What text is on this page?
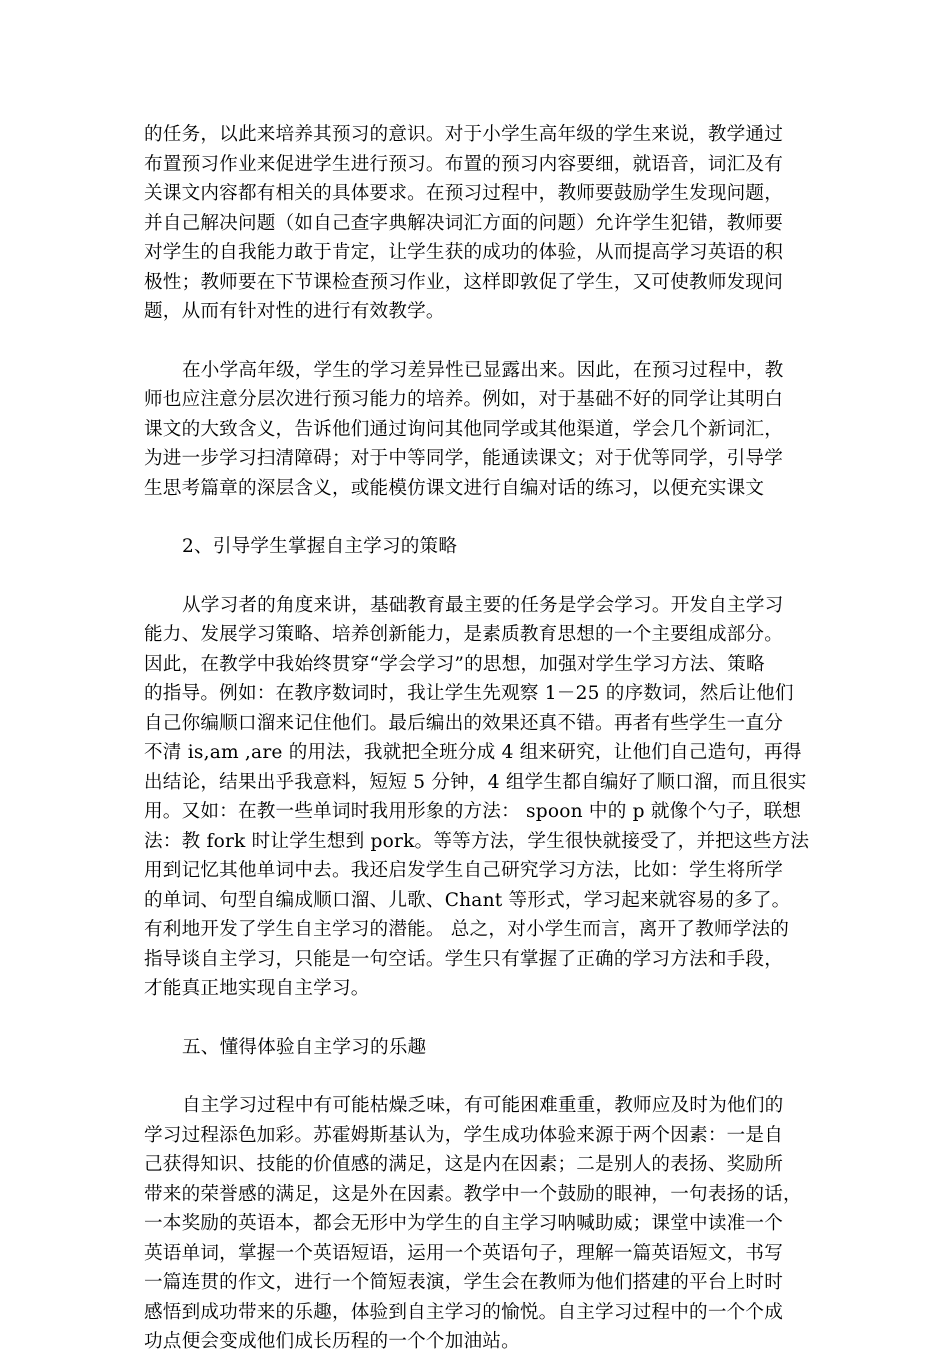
的任务，以此来培养其预习的意识。对于小学生高年级的学生来说，教学通过
布置预习作业来促进学生进行预习。布置的预习内容要细，就语音，词汇及有
关课文内容都有相关的具体要求。在预习过程中，教师要鼓励学生发现问题，
并自己解决问题（如自己查字典解决词汇方面的问题）允许学生犯错，教师要
对学生的自我能力敢于肯定，让学生获的成功的体验，从而提高学习英语的积
极性；教师要在下节课检查预习作业，这样即敦促了学生，又可使教师发现问
题，从而有针对性的进行有效教学。
在小学高年级，学生的学习差异性已显露出来。因此，在预习过程中，教
师也应注意分层次进行预习能力的培养。例如，对于基础不好的同学让其明白
课文的大致含义，告诉他们通过询问其他同学或其他渠道，学会几个新词汇，
为进一步学习扫清障碍；对于中等同学，能通读课文；对于优等同学，引导学
生思考篇章的深层含义，或能模仿课文进行自编对话的练习，以便充实课文
2、引导学生掌握自主学习的策略
从学习者的角度来讲，基础教育最主要的任务是学会学习。开发自主学习
能力、发展学习策略、培养创新能力，是素质教育思想的一个主要组成部分。
因此，在教学中我始终贯穿“学会学习”的思想，加强对学生学习方法、策略
的指导。例如：在教序数词时，我让学生先观察 1－25 的序数词，然后让他们
自己你编顺口溜来记住他们。最后编出的效果还真不错。再者有些学生一直分
不清 is,am ,are 的用法，我就把全班分成 4 组来研究，让他们自己造句，再得
出结论，结果出乎我意料，短短 5 分钟，4 组学生都自编好了顺口溜，而且很实
用。又如：在教一些单词时我用形象的方法： spoon 中的 p 就像个勺子，联想
法：教 fork 时让学生想到 pork。等等方法，学生很快就接受了，并把这些方法
用到记忆其他单词中去。我还启发学生自己研究学习方法，比如：学生将所学
的单词、句型自编成顺口溜、儿歌、Chant 等形式，学习起来就容易的多了。
有利地开发了学生自主学习的潜能。 总之，对小学生而言，离开了教师学法的
指导谈自主学习，只能是一句空话。学生只有掌握了正确的学习方法和手段，
才能真正地实现自主学习。
五、懂得体验自主学习的乐趣
自主学习过程中有可能枯燥乏味，有可能困难重重，教师应及时为他们的
学习过程添色加彩。苏霍姆斯基认为，学生成功体验来源于两个因素：一是自
己获得知识、技能的价值感的满足，这是内在因素；二是别人的表扬、奖励所
带来的荣誉感的满足，这是外在因素。教学中一个鼓励的眼神，一句表扬的话，
一本奖励的英语本，都会无形中为学生的自主学习呐喊助威；课堂中读准一个
英语单词，掌握一个英语短语，运用一个英语句子，理解一篇英语短文，书写
一篇连贯的作文，进行一个简短表演，学生会在教师为他们搭建的平台上时时
感悟到成功带来的乐趣，体验到自主学习的愉悦。自主学习过程中的一个个成
功点便会变成他们成长历程的一个个加油站。
